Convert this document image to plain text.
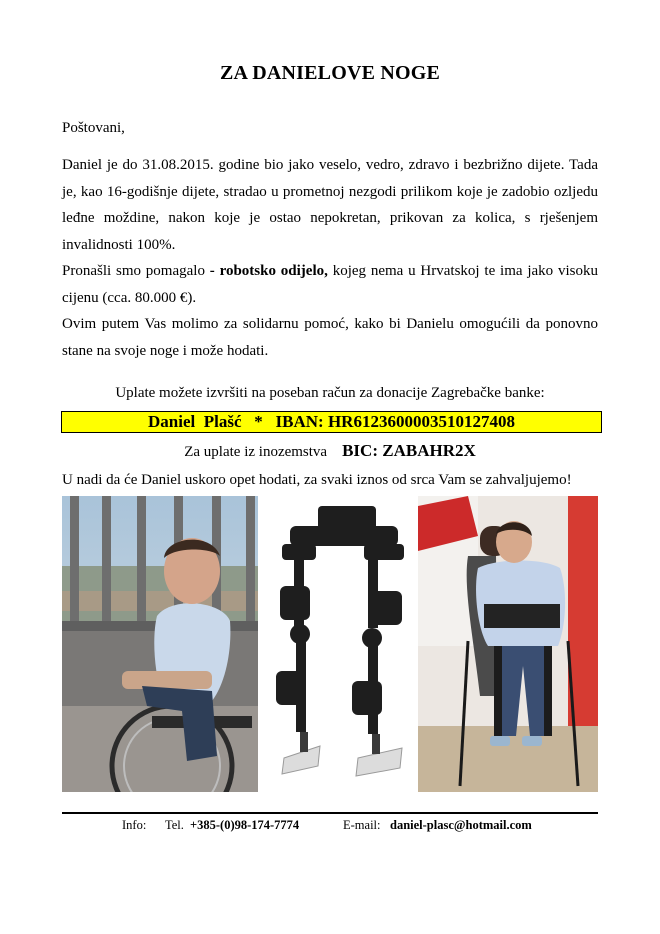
ZA DANIELOVE NOGE
Poštovani,

Daniel je do 31.08.2015. godine bio jako veselo, vedro, zdravo i bezbrižno dijete. Tada je, kao 16-godišnje dijete, stradao u prometnoj nezgodi prilikom koje je zadobio ozljedu leđne moždine, nakon koje je ostao nepokretan, prikovan za kolica, s rješenjem invalidnosti 100%.

Pronašli smo pomagalo - robotsko odijelo, kojeg nema u Hrvatskoj te ima jako visoku cijenu (cca. 80.000 €).

Ovim putem Vas molimo za solidarnu pomoć, kako bi Danielu omogućili da ponovno stane na svoje noge i može hodati.

Uplate možete izvršiti na poseban račun za donacije Zagrebačke banke:
Daniel  Plašć * IBAN: HR6123600003510127408
Za uplate iz inozemstva BIC: ZABAHR2X
U nadi da će Daniel uskoro opet hodati, za svaki iznos od srca Vam se zahvaljujemo!
Info: Tel. +385-(0)98-174-7774	E-mail: daniel-plasc@hotmail.com
